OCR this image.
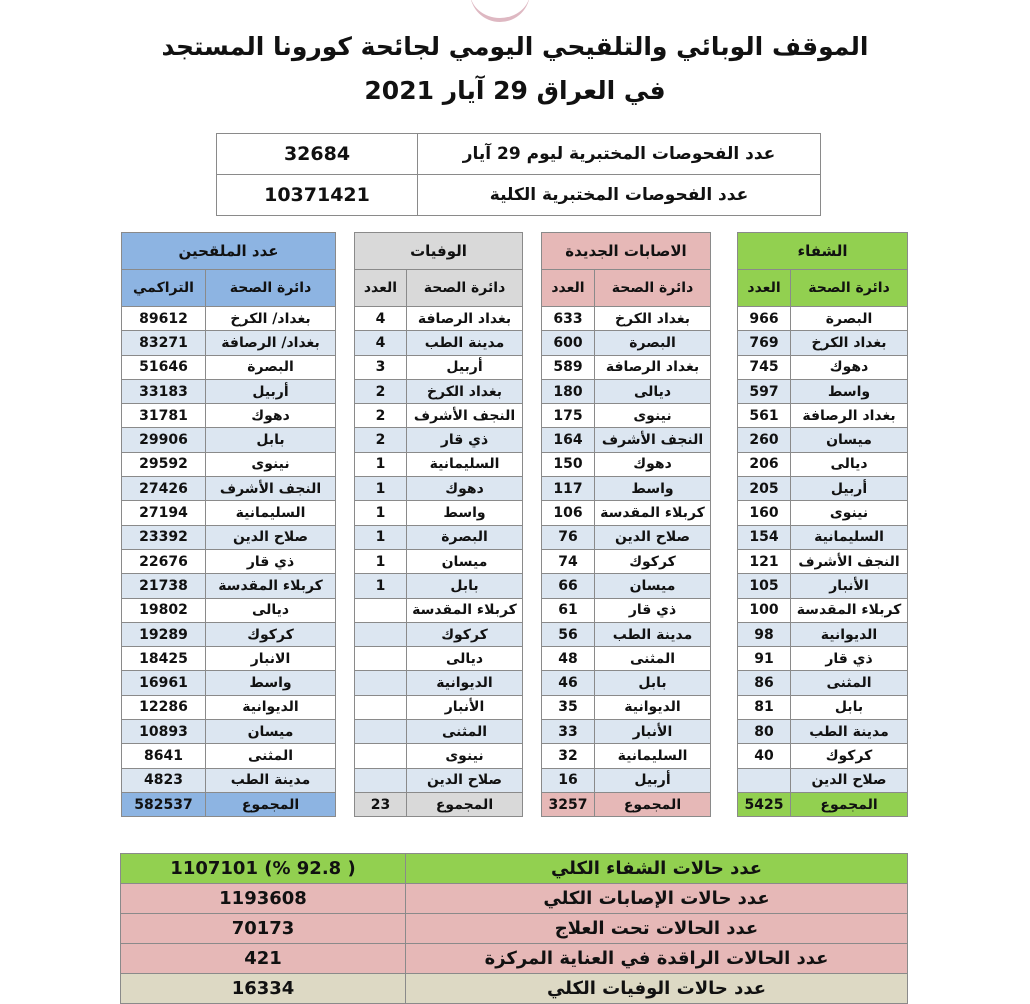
الموقف الوبائي والتلقيحي اليومي لجائحة كورونا المستجد
في العراق 29 آيار 2021
عدد الفحوصات المختبرية ليوم 29 آيار	32684
عدد الفحوصات المختبرية الكلية	10371421
الشفاء	
دائرة الصحة	العدد
البصرة	966
بغداد الكرخ	769
دهوك	745
واسط	597
بغداد الرصافة	561
ميسان	260
ديالى	206
أربيل	205
نينوى	160
السليمانية	154
النجف الأشرف	121
الأنبار	105
كربلاء المقدسة	100
الديوانية	98
ذي قار	91
المثنى	86
بابل	81
مدينة الطب	80
كركوك	40
صلاح الدين	
المجموع	5425
الاصابات الجديدة	
دائرة الصحة	العدد
بغداد الكرخ	633
البصرة	600
بغداد الرصافة	589
ديالى	180
نينوى	175
النجف الأشرف	164
دهوك	150
واسط	117
كربلاء المقدسة	106
صلاح الدين	76
كركوك	74
ميسان	66
ذي قار	61
مدينة الطب	56
المثنى	48
بابل	46
الديوانية	35
الأنبار	33
السليمانية	32
أربيل	16
المجموع	3257
الوفيات	
دائرة الصحة	العدد
بغداد الرصافة	4
مدينة الطب	4
أربيل	3
بغداد الكرخ	2
النجف الأشرف	2
ذي قار	2
السليمانية	1
دهوك	1
واسط	1
البصرة	1
ميسان	1
بابل	1
كربلاء المقدسة	
كركوك	
ديالى	
الديوانية	
الأنبار	
المثنى	
نينوى	
صلاح الدين	
المجموع	23
عدد الملقحين	
دائرة الصحة	التراكمي
بغداد/ الكرخ	89612
بغداد/ الرصافة	83271
البصرة	51646
أربيل	33183
دهوك	31781
بابل	29906
نينوى	29592
النجف الأشرف	27426
السليمانية	27194
صلاح الدين	23392
ذي قار	22676
كربلاء المقدسة	21738
ديالى	19802
كركوك	19289
الانبار	18425
واسط	16961
الديوانية	12286
ميسان	10893
المثنى	8641
مدينة الطب	4823
المجموع	582537
عدد حالات الشفاء الكلي	( 92.8 %) 1107101
عدد حالات الإصابات الكلي	1193608
عدد الحالات تحت العلاج	70173
عدد الحالات الراقدة في العناية المركزة	421
عدد حالات الوفيات الكلي	16334
